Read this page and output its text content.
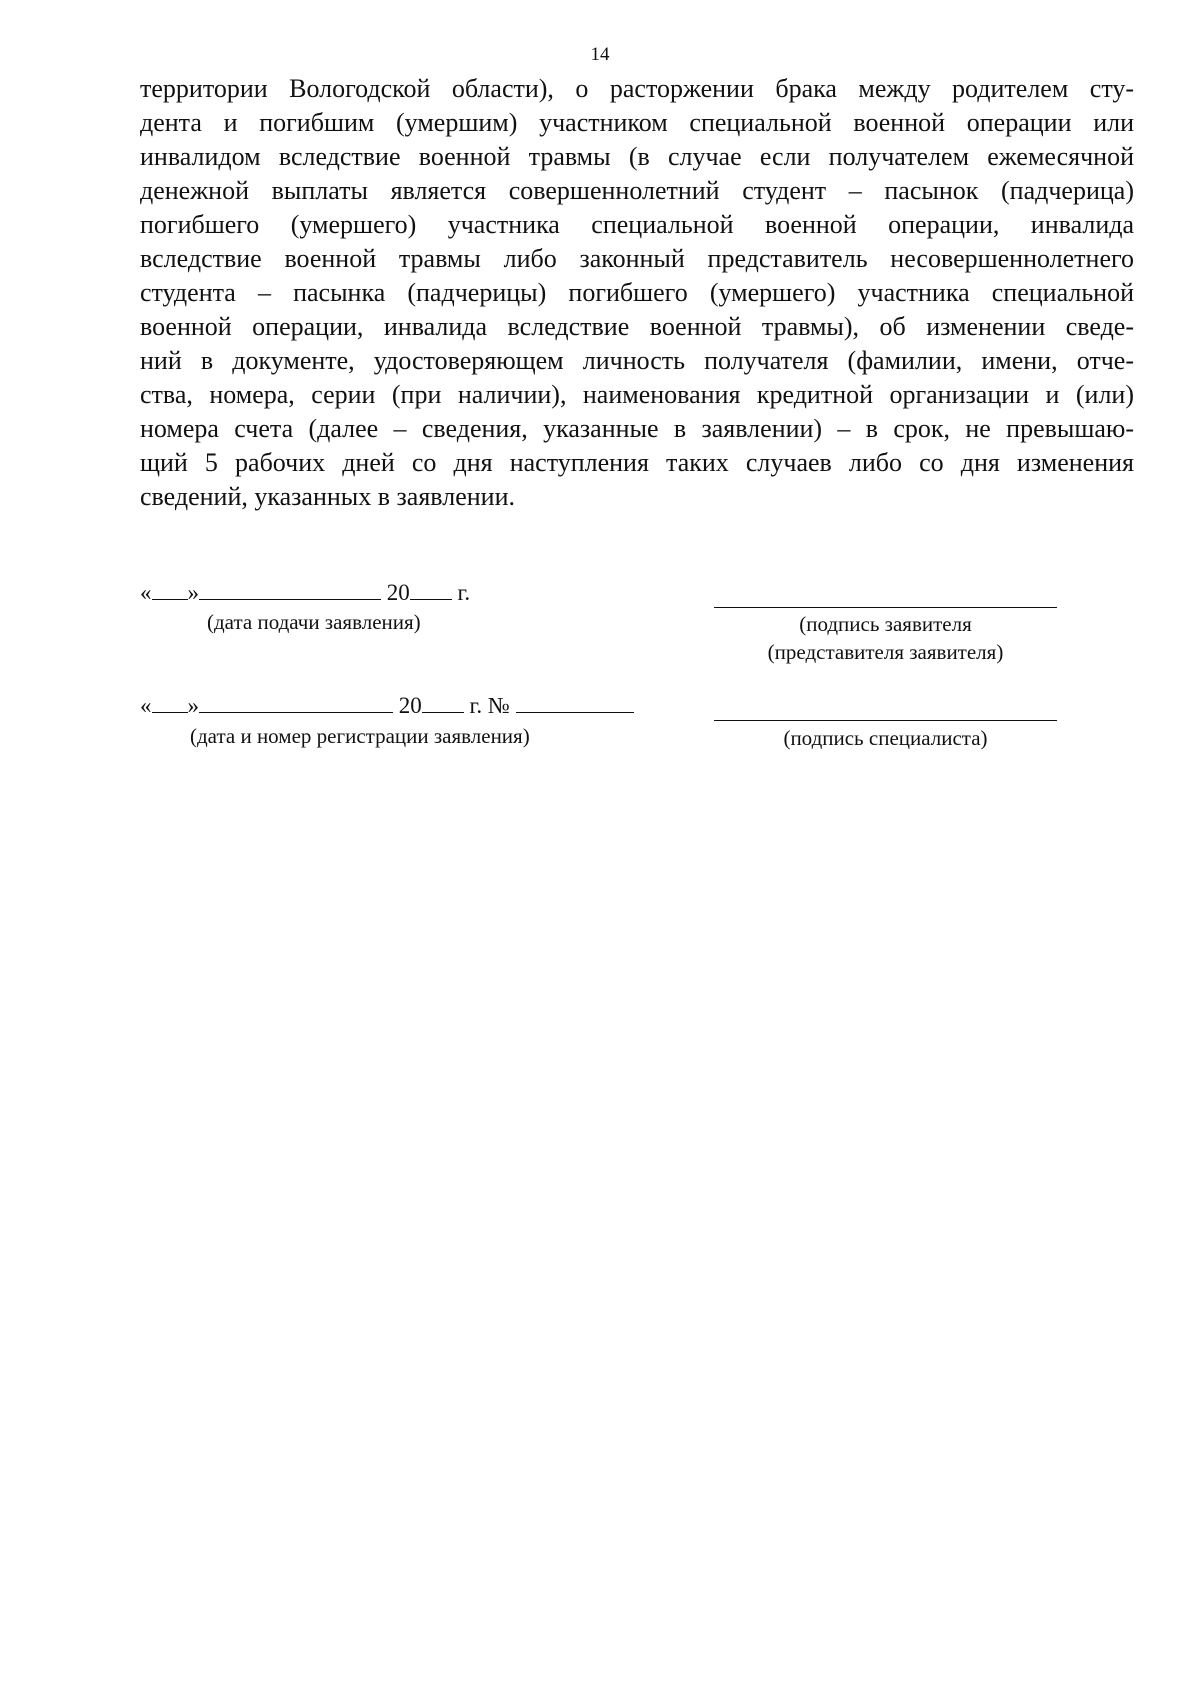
14
территории Вологодской области), о расторжении брака между родителем сту-
дента и погибшим (умершим) участником специальной военной операции или
инвалидом вследствие военной травмы (в случае если получателем ежемесячной
денежной выплаты является совершеннолетний студент – пасынок (падчерица)
погибшего (умершего) участника специальной военной операции, инвалида
вследствие военной травмы либо законный представитель несовершеннолетнего
студента – пасынка (падчерицы) погибшего (умершего) участника специальной
военной операции, инвалида вследствие военной травмы), об изменении сведе-
ний в документе, удостоверяющем личность получателя (фамилии, имени, отче-
ства, номера, серии (при наличии), наименования кредитной организации и (или)
номера счета (далее – сведения, указанные в заявлении) – в срок, не превышаю-
щий 5 рабочих дней со дня наступления таких случаев либо со дня изменения
сведений, указанных в заявлении.
« »	20 г.
(дата подачи заявления)	(подпись заявителя
(представителя заявителя)
« »	20 г. №
(дата и номер регистрации заявления)	(подпись специалиста)
